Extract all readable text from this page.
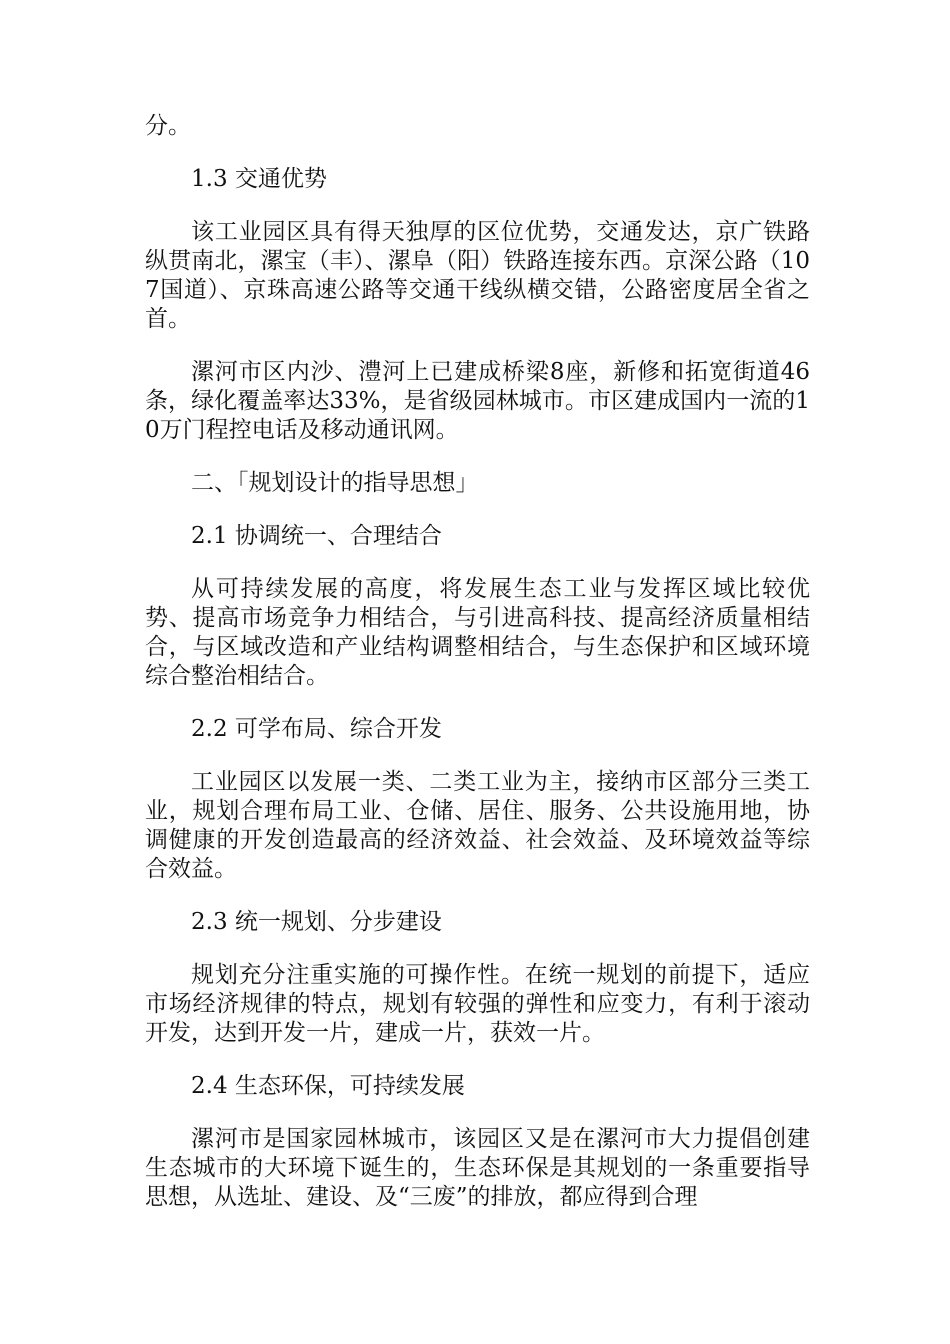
分。

1.3 交通优势

该工业园区具有得天独厚的区位优势，交通发达，京广铁路纵贯南北，漯宝（丰）、漯阜（阳）铁路连接东西。京深公路（107国道）、京珠高速公路等交通干线纵横交错，公路密度居全省之首。

漯河市区内沙、澧河上已建成桥梁8座，新修和拓宽街道46条，绿化覆盖率达33%，是省级园林城市。市区建成国内一流的10万门程控电话及移动通讯网。

二、「规划设计的指导思想」

2.1 协调统一、合理结合

从可持续发展的高度，将发展生态工业与发挥区域比较优势、提高市场竞争力相结合，与引进高科技、提高经济质量相结合，与区域改造和产业结构调整相结合，与生态保护和区域环境综合整治相结合。

2.2 可学布局、综合开发

工业园区以发展一类、二类工业为主，接纳市区部分三类工业，规划合理布局工业、仓储、居住、服务、公共设施用地，协调健康的开发创造最高的经济效益、社会效益、及环境效益等综合效益。

2.3 统一规划、分步建设

规划充分注重实施的可操作性。在统一规划的前提下，适应市场经济规律的特点，规划有较强的弹性和应变力，有利于滚动开发，达到开发一片，建成一片，获效一片。

2.4 生态环保，可持续发展

漯河市是国家园林城市，该园区又是在漯河市大力提倡创建生态城市的大环境下诞生的，生态环保是其规划的一条重要指导思想，从选址、建设、及“三废”的排放，都应得到合理
